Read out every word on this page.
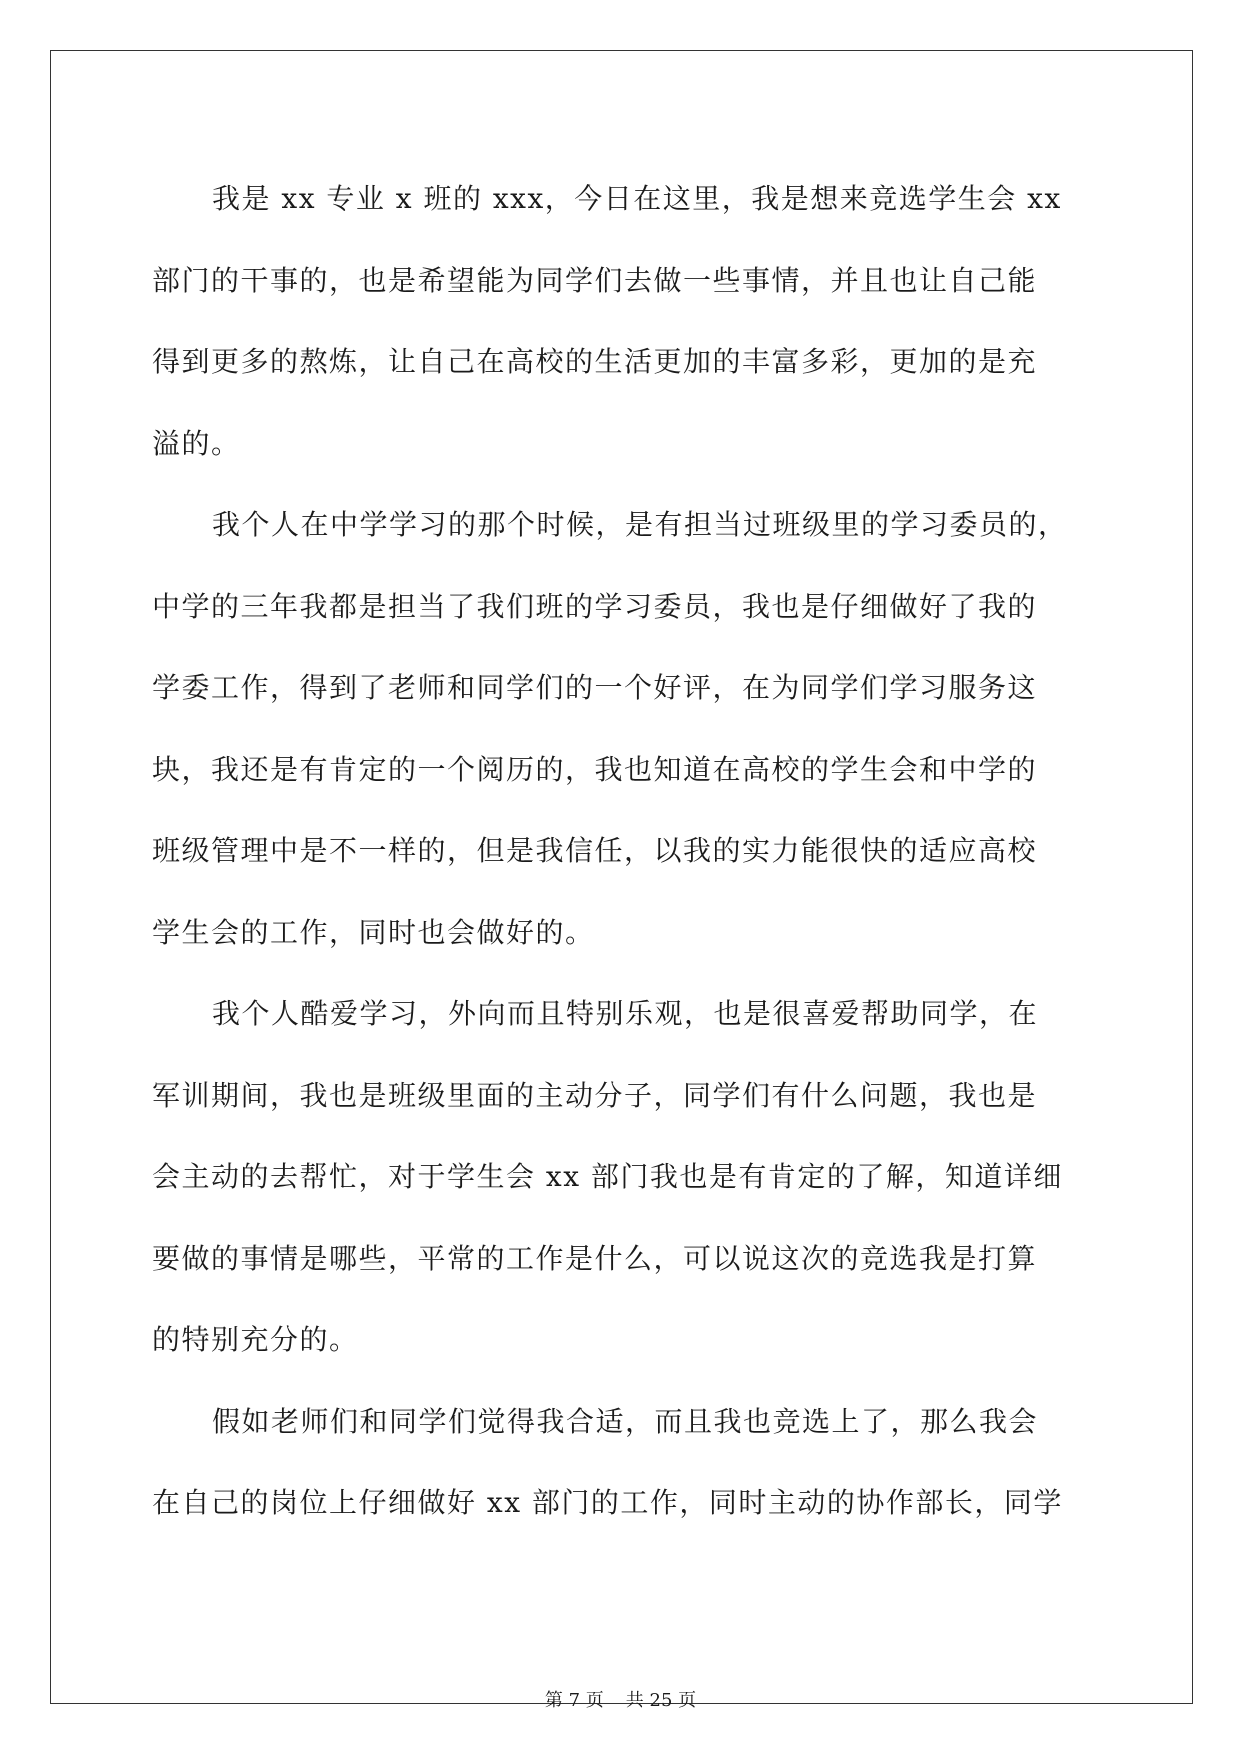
我是 xx 专业 x 班的 xxx，今日在这里，我是想来竞选学生会 xx
部门的干事的，也是希望能为同学们去做一些事情，并且也让自己能
得到更多的熬炼，让自己在高校的生活更加的丰富多彩，更加的是充
溢的。
我个人在中学学习的那个时候，是有担当过班级里的学习委员的，
中学的三年我都是担当了我们班的学习委员，我也是仔细做好了我的
学委工作，得到了老师和同学们的一个好评，在为同学们学习服务这
块，我还是有肯定的一个阅历的，我也知道在高校的学生会和中学的
班级管理中是不一样的，但是我信任，以我的实力能很快的适应高校
学生会的工作，同时也会做好的。
我个人酷爱学习，外向而且特别乐观，也是很喜爱帮助同学，在
军训期间，我也是班级里面的主动分子，同学们有什么问题，我也是
会主动的去帮忙，对于学生会 xx 部门我也是有肯定的了解，知道详细
要做的事情是哪些，平常的工作是什么，可以说这次的竞选我是打算
的特别充分的。
假如老师们和同学们觉得我合适，而且我也竞选上了，那么我会
在自己的岗位上仔细做好 xx 部门的工作，同时主动的协作部长，同学
第 7 页 共 25 页
